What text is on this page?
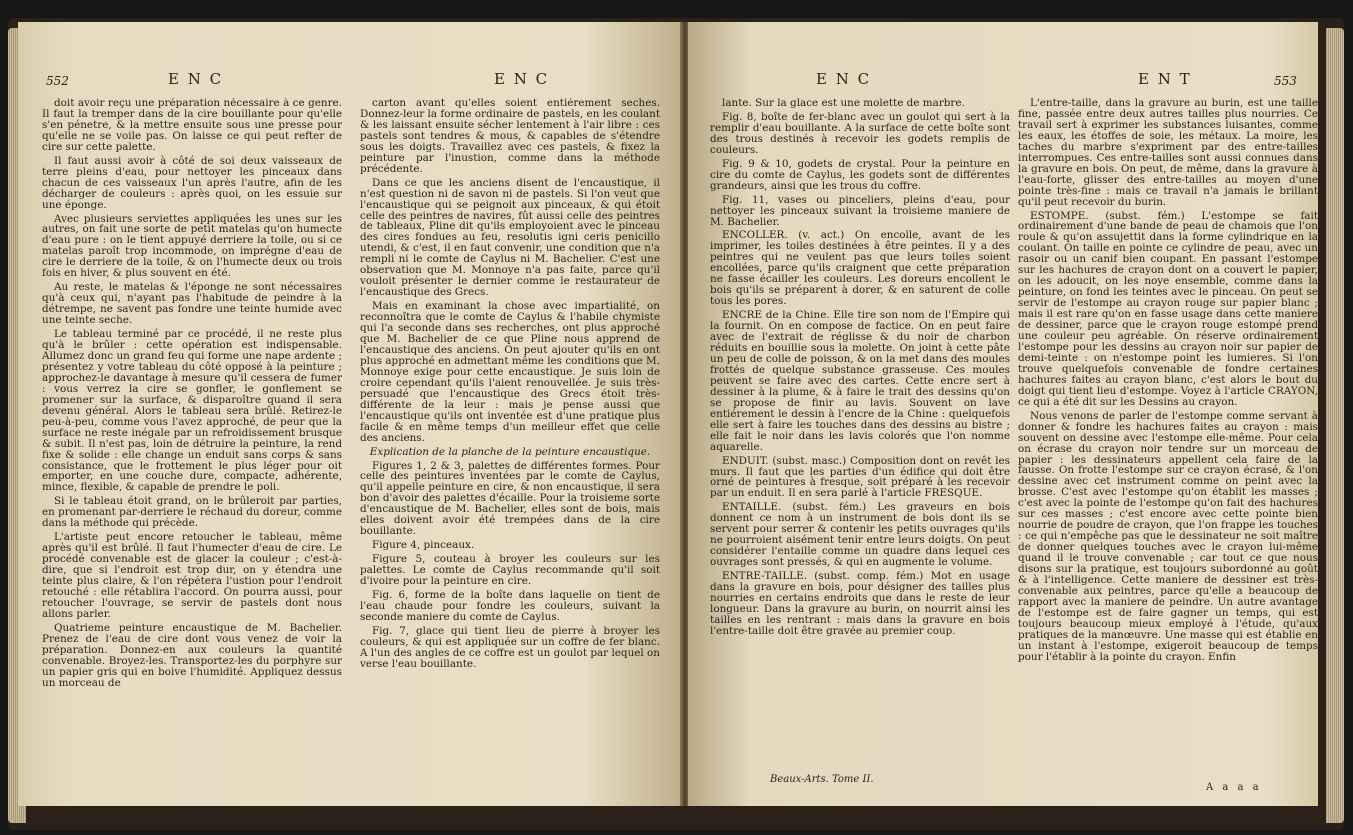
552	E N C	E N C

doit avoir reçu une préparation nécessaire à ce genre. Il faut la tremper dans de la cire bouillante pour qu'elle s'en pénetre, & la mettre ensuite sous une presse pour qu'elle ne se voile pas. On laisse ce qui peut refter de cire sur cette palette.

Il faut aussi avoir à côté de soi deux vaisseaux de terre pleins d'eau, pour nettoyer les pinceaux dans chacun de ces vaisseaux l'un après l'autre, afin de les décharger de couleurs : après quoi, on les essuie sur une éponge.

Avec plusieurs serviettes appliquées les unes sur les autres, on fait une sorte de petit matelas qu'on humecte d'eau pure : on le tient appuyé derriere la toile, ou si ce matelas paroît trop incommode, on imprégne d'eau de cire le derriere de la toile, & on l'humecte deux ou trois fois en hiver, & plus souvent en été.

Au reste, le matelas & l'éponge ne sont nécessaires qu'à ceux qui, n'ayant pas l'habitude de peindre à la détrempe, ne savent pas fondre une teinte humide avec une teinte seche.

Le tableau terminé par ce procédé, il ne reste plus qu'à le brûler : cette opération est indispensable. Allumez donc un grand feu qui forme une nape ardente ; présentez y votre tableau du côté opposé à la peinture ; approchez-le davantage à mesure qu'il cessera de fumer : vous verrez la cire se gonfler, le gonflement se promener sur la surface, & disparoître quand il sera devenu général. Alors le tableau sera brûlé. Retirez-le peu-à-peu, comme vous l'avez approché, de peur que la surface ne reste inégale par un refroidissement brusque & subit. Il n'est pas, loin de détruire la peinture, la rend fixe & solide : elle change un enduit sans corps & sans consistance, que le frottement le plus léger pour oit emporter, en une couche dure, compacte, adhérente, mince, flexible, & capable de prendre le poli.

Si le tableau étoit grand, on le brûleroit par parties, en promenant par-derriere le réchaud du doreur, comme dans la méthode qui précède.

L'artiste peut encore retoucher le tableau, même après qu'il est brûlé. Il faut l'humecter d'eau de cire. Le procédé convenable est de glacer la couleur ; c'est-à-dire, que si l'endroit est trop dur, on y étendra une teinte plus claire, & l'on répétera l'ustion pour l'endroit retouché : elle rétablira l'accord. On pourra aussi, pour retoucher l'ouvrage, se servir de pastels dont nous allons parler.

Quatrieme peinture encaustique de M. Bachelier. Prenez de l'eau de cire dont vous venez de voir la préparation. Donnez-en aux couleurs la quantité convenable. Broyez-les. Transportez-les du porphyre sur un papier gris qui en boive l'humidité. Appliquez dessus un morceau de

carton avant qu'elles soient entiérement seches. Donnez-leur la forme ordinaire de pastels, en les coulant & les laissant ensuite sécher lentement à l'air libre : ces pastels sont tendres & mous, & capables de s'étendre sous les doigts. Travaillez avec ces pastels, & fixez la peinture par l'inustion, comme dans la méthode précédente.

Dans ce que les anciens disent de l'encaustique, il n'est question ni de savon ni de pastels. Si l'on veut que l'encaustique qui se peignoit aux pinceaux, & qui étoit celle des peintres de navires, fût aussi celle des peintres de tableaux, Pline dit qu'ils employoient avec le pinceau des cires fondues au feu, resolutis igni ceris penicillo utendi, & c'est, il en faut convenir, une condition que n'a rempli ni le comte de Caylus ni M. Bachelier. C'est une observation que M. Monnoye n'a pas faite, parce qu'il vouloit présenter le dernier comme le restaurateur de l'encaustique des Grecs.

Mais en examinant la chose avec impartialité, on reconnoîtra que le comte de Caylus & l'habile chymiste qui l'a seconde dans ses recherches, ont plus approché que M. Bachelier de ce que Pline nous apprend de l'encaustique des anciens. On peut ajouter qu'ils en ont plus approché en admettant même les conditions que M. Monnoye exige pour cette encaustique. Je suis loin de croire cependant qu'ils l'aient renouvellée. Je suis très-persuadé que l'encaustique des Grecs étoit très-différente de la leur : mais je pense aussi que l'encaustique qu'ils ont inventée est d'une pratique plus facile & en même temps d'un meilleur effet que celle des anciens.

Explication de la planche de la peinture encaustique.

Figures 1, 2 & 3, palettes de différentes formes. Pour celle des peintures inventées par le comte de Caylus, qu'il appelle peinture en cire, & non encaustique, il sera bon d'avoir des palettes d'écaille. Pour la troisieme sorte d'encaustique de M. Bachelier, elles sont de bois, mais elles doivent avoir été trempées dans de la cire bouillante.

Figure 4, pinceaux.

Figure 5, couteau à broyer les couleurs sur les palettes. Le comte de Caylus recommande qu'il soit d'ivoire pour la peinture en cire.

Fig. 6, forme de la boîte dans laquelle on tient de l'eau chaude pour fondre les couleurs, suivant la seconde maniere du comte de Caylus.

Fig. 7, glace qui tient lieu de pierre à broyer les couleurs, & qui est appliquée sur un coffre de fer blanc. A l'un des angles de ce coffre est un goulot par lequel on verse l'eau bouillante.

E N C	E N T	553

lante. Sur la glace est une molette de marbre.

Fig. 8, boîte de fer-blanc avec un goulot qui sert à la remplir d'eau bouillante. A la surface de cette boîte sont des trous destinés à recevoir les godets remplis de couleurs.

Fig. 9 & 10, godets de crystal. Pour la peinture en cire du comte de Caylus, les godets sont de différentes grandeurs, ainsi que les trous du coffre.

Fig. 11, vases ou pinceliers, pleins d'eau, pour nettoyer les pinceaux suivant la troisieme maniere de M. Bachelier.

ENCOLLER. (v. act.) On encolle, avant de les imprimer, les toiles destinées à être peintes. Il y a des peintres qui ne veulent pas que leurs toiles soient encollées, parce qu'ils craignent que cette préparation ne fasse écailler les couleurs. Les doreurs encollent le bois qu'ils se préparent à dorer, & en saturent de colle tous les pores.

ENCRE de la Chine. Elle tire son nom de l'Empire qui la fournit. On en compose de factice. On en peut faire avec de l'extrait de réglisse & du noir de charbon réduits en bouillie sous la molette. On joint à cette pâte un peu de colle de poisson, & on la met dans des moules frottés de quelque substance grasseuse. Ces moules peuvent se faire avec des cartes. Cette encre sert à dessiner à la plume, & à faire le trait des dessins qu'on se propose de finir au lavis. Souvent on lave entiérement le dessin à l'encre de la Chine : quelquefois elle sert à faire les touches dans des dessins au bistre ; elle fait le noir dans les lavis colorés que l'on nomme aquarelle.

ENDUIT. (subst. masc.) Composition dont on revêt les murs. Il faut que les parties d'un édifice qui doit être orné de peintures à fresque, soit préparé à les recevoir par un enduit. Il en sera parlé à l'article FRESQUE.

ENTAILLE. (subst. fém.) Les graveurs en bois donnent ce nom à un instrument de bois dont ils se servent pour serrer & contenir les petits ouvrages qu'ils ne pourroient aisément tenir entre leurs doigts. On peut considérer l'entaille comme un quadre dans lequel ces ouvrages sont pressés, & qui en augmente le volume.

ENTRE-TAILLE. (subst. comp. fém.) Mot en usage dans la gravure en bois, pour désigner des tailles plus nourries en certains endroits que dans le reste de leur longueur. Dans la gravure au burin, on nourrit ainsi les tailles en les rentrant : mais dans la gravure en bois l'entre-taille doit être gravée au premier coup.

Beaux-Arts. Tome II.

L'entre-taille, dans la gravure au burin, est une taille fine, passée entre deux autres tailles plus nourries. Ce travail sert à exprimer les substances luisantes, comme les eaux, les étoffes de soie, les métaux. La moire, les taches du marbre s'expriment par des entre-tailles interrompues. Ces entre-tailles sont aussi connues dans la gravure en bois. On peut, de même, dans la gravure à l'eau-forte, glisser des entre-tailles au moyen d'une pointe très-fine : mais ce travail n'a jamais le brillant qu'il peut recevoir du burin.

ESTOMPE. (subst. fém.) L'estompe se fait ordinairement d'une bande de peau de chamois que l'on roule & qu'on assujettit dans la forme cylindrique en la coulant. On taille en pointe ce cylindre de peau, avec un rasoir ou un canif bien coupant. En passant l'estompe sur les hachures de crayon dont on a couvert le papier, on les adoucit, on les noye ensemble, comme dans la peinture, on fond les teintes avec le pinceau. On peut se servir de l'estompe au crayon rouge sur papier blanc ; mais il est rare qu'on en fasse usage dans cette maniere de dessiner, parce que le crayon rouge estompé prend une couleur peu agréable. On réserve ordinairement l'estompe pour les dessins au crayon noir sur papier de demi-teinte : on n'estompe point les lumieres. Si l'on trouve quelquefois convenable de fondre certaines hachures faites au crayon blanc, c'est alors le bout du doigt qui tient lieu d'estompe. Voyez à l'article CRAYON, ce qui a été dit sur les Dessins au crayon.

Nous venons de parler de l'estompe comme servant à donner & fondre les hachures faites au crayon : mais souvent on dessine avec l'estompe elle-même. Pour cela on écrase du crayon noir tendre sur un morceau de papier : les dessinateurs appellent cela faire de la fausse. On frotte l'estompe sur ce crayon écrasé, & l'on dessine avec cet instrument comme on peint avec la brosse. C'est avec l'estompe qu'on établit les masses ; c'est avec la pointe de l'estompe qu'on fait des hachures sur ces masses ; c'est encore avec cette pointe bien nourrie de poudre de crayon, que l'on frappe les touches : ce qui n'empêche pas que le dessinateur ne soit maître de donner quelques touches avec le crayon lui-même quand il le trouve convenable ; car tout ce que nous disons sur la pratique, est toujours subordonné au goût & à l'intelligence. Cette maniere de dessiner est très-convenable aux peintres, parce qu'elle a beaucoup de rapport avec la maniere de peindre. Un autre avantage de l'estompe est de faire gagner un temps, qui est toujours beaucoup mieux employé à l'étude, qu'aux pratiques de la manœuvre. Une masse qui est établie en un instant à l'estompe, exigeroit beaucoup de temps pour l'établir à la pointe du crayon. Enfin

A a a a
